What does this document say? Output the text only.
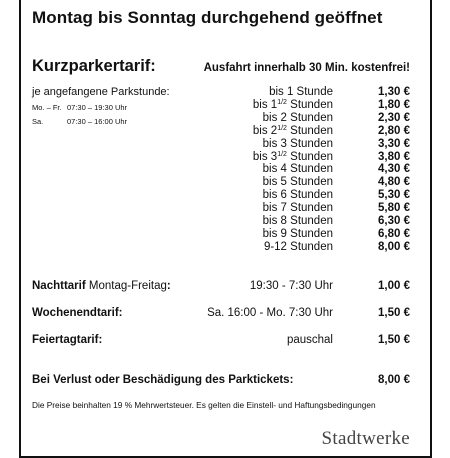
Montag bis Sonntag durchgehend geöffnet
Kurzparkertarif:	Ausfahrt innerhalb 30 Min. kostenfrei!
je angefangene Parkstunde:
Mo. – Fr. 07:30 – 19:30 Uhr
Sa.	07:30 – 16:00 Uhr
bis 1 Stunde	1,30 €
bis $1^{1/2}$ Stunden	1,80 €
bis 2 Stunden	2,30 €
bis $2^{1/2}$ Stunden	2,80 €
bis 3 Stunden	3,30 €
bis $3^{1/2}$ Stunden	3,80 €
bis 4 Stunden	4,30 €
bis 5 Stunden	4,80 €
bis 6 Stunden	5,30 €
bis 7 Stunden	5,80 €
bis 8 Stunden	6,30 €
bis 9 Stunden	6,80 €
9-12 Stunden	8,00 €
Nachttarif Montag-Freitag:	19:30 - 7:30 Uhr	1,00 €
Wochenendtarif:	Sa. 16:00 - Mo. 7:30 Uhr	1,50 €
Feiertagtarif:	pauschal	1,50 €
Bei Verlust oder Beschädigung des Parktickets:	8,00 €
Die Preise beinhalten 19 % Mehrwertsteuer. Es gelten die Einstell- und Haftungsbedingungen
Stadtwerke
